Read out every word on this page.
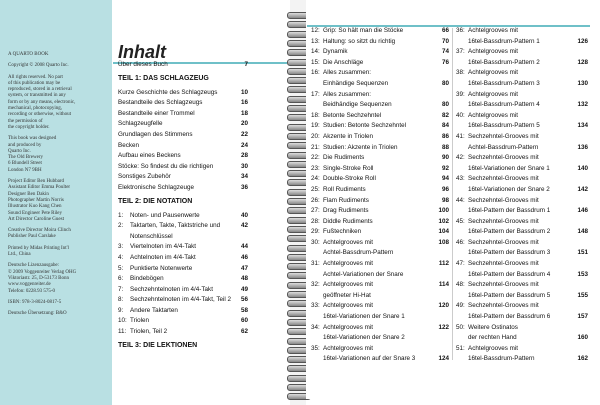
A QUARTO BOOK

Copyright © 2008 Quarto Inc.

All rights reserved. No part
of this publication may be
reproduced, stored in a retrieval
system, or transmitted in any
form or by any means, electronic,
mechanical, photocopying,
recording or otherwise, without
the permission of
the copyright holder.

This book was designed
and produced by
Quarto Inc.
The Old Brewery
6 Blundell Street
London N7 9BH

Project Editor Ben Hubbard
Assistant Editor Emma Poulter
Designer Ben Dakin
Photographer Martin Norris
Illustrator Kuo Kang Chen
Sound Engineer Pete Riley
Art Director Caroline Guest

Creative Director Moira Clinch
Publisher Paul Carslake

Printed by Midas Printing Int'l
Ltd., China

Deutsche Lizenzausgabe:
© 2009 Voggenreiter Verlag OHG
Viktoriastr. 25, D-53173 Bonn
www.voggenreiter.de
Telefon: 0228.93 575-0

ISBN: 978-3-8024-0817-5

Deutsche Übersetzung: B&O

Inhalt
Über dieses Buch	7
TEIL 1: DAS SCHLAGZEUG
Kurze Geschichte des Schlagzeugs	10
Bestandteile des Schlagzeugs	16
Bestandteile einer Trommel	18
Schlagzeugfelle	20
Grundlagen des Stimmens	22
Becken	24
Aufbau eines Beckens	28
Stöcke: So findest du die richtigen	30
Sonstiges Zubehör	34
Elektronische Schlagzeuge	36
TEIL 2: DIE NOTATION
1: Noten- und Pausenwerte	40
2: Taktarten, Takte, Taktstriche und	42
Notenschlüssel
3: Viertelnoten im 4/4-Takt	44
4: Achtelnoten im 4/4-Takt	46
5: Punktierte Notenwerte	47
6: Bindebögen	48
7: Sechzehntelnoten im 4/4-Takt	49
8: Sechzehntelnoten im 4/4-Takt, Teil 2 56
9: Andere Taktarten	58
10: Triolen	60
11: Triolen, Teil 2	62
TEIL 3: DIE LEKTIONEN
12: Grip: So hält man die Stöcke	66
13: Haltung: so sitzt du richtig	70
14: Dynamik	74
15: Die Anschläge	76
16: Alles zusammen:
Einhändige Sequenzen	80
17: Alles zusammen:
Beidhändige Sequenzen	80
18: Betonte Sechzehntel	82
19: Studien: Betonte Sechzehntel	84
20: Akzente in Triolen	86
21: Studien: Akzente in Triolen	88
22: Die Rudiments	90
23: Single-Stroke Roll	92
24: Double-Stroke Roll	94
25: Roll Rudiments	96
26: Flam Rudiments	98
27: Drag Rudiments	100
28: Diddle Rudiments	102
29: Fußtechniken	104
30: Achtelgrooves mit	108
Achtel-Bassdrum-Pattern
31: Achtelgrooves mit	112
Achtel-Variationen der Snare
32: Achtelgrooves mit	114
geöffneter Hi-Hat
33: Achtelgrooves mit	120
16tel-Variationen der Snare 1
34: Achtelgrooves mit	122
16tel-Variationen der Snare 2
35: Achtelgrooves mit
16tel-Variationen auf der Snare 3	124
36: Achtelgrooves mit
16tel-Bassdrum-Pattern 1	126
37: Achtelgrooves mit
16tel-Bassdrum-Pattern 2	128
38: Achtelgrooves mit
16tel-Bassdrum-Pattern 3	130
39: Achtelgrooves mit
16tel-Bassdrum-Pattern 4	132
40: Achtelgrooves mit
16tel-Bassdrum-Pattern 5	134
41: Sechzehntel-Grooves mit
Achtel-Bassdrum-Pattern	136
42: Sechzehntel-Grooves mit
16tel-Variationen der Snare 1	140
43: Sechzehntel-Grooves mit
16tel-Variationen der Snare 2	142
44: Sechzehntel-Grooves mit
16tel-Pattern der Bassdrum 1	146
45: Sechzehntel-Grooves mit
16tel-Pattern der Bassdrum 2	148
46: Sechzehntel-Grooves mit
16tel-Pattern der Bassdrum 3	151
47: Sechzehntel-Grooves mit
16tel-Pattern der Bassdrum 4	153
48: Sechzehntel-Grooves mit
16tel-Pattern der Bassdrum 5	155
49: Sechzehntel-Grooves mit
16tel-Pattern der Bassdrum 6	157
50: Weitere Ostinatos
der rechten Hand	160
51: Achtelgrooves mit
16tel-Bassdrum-Pattern	162
